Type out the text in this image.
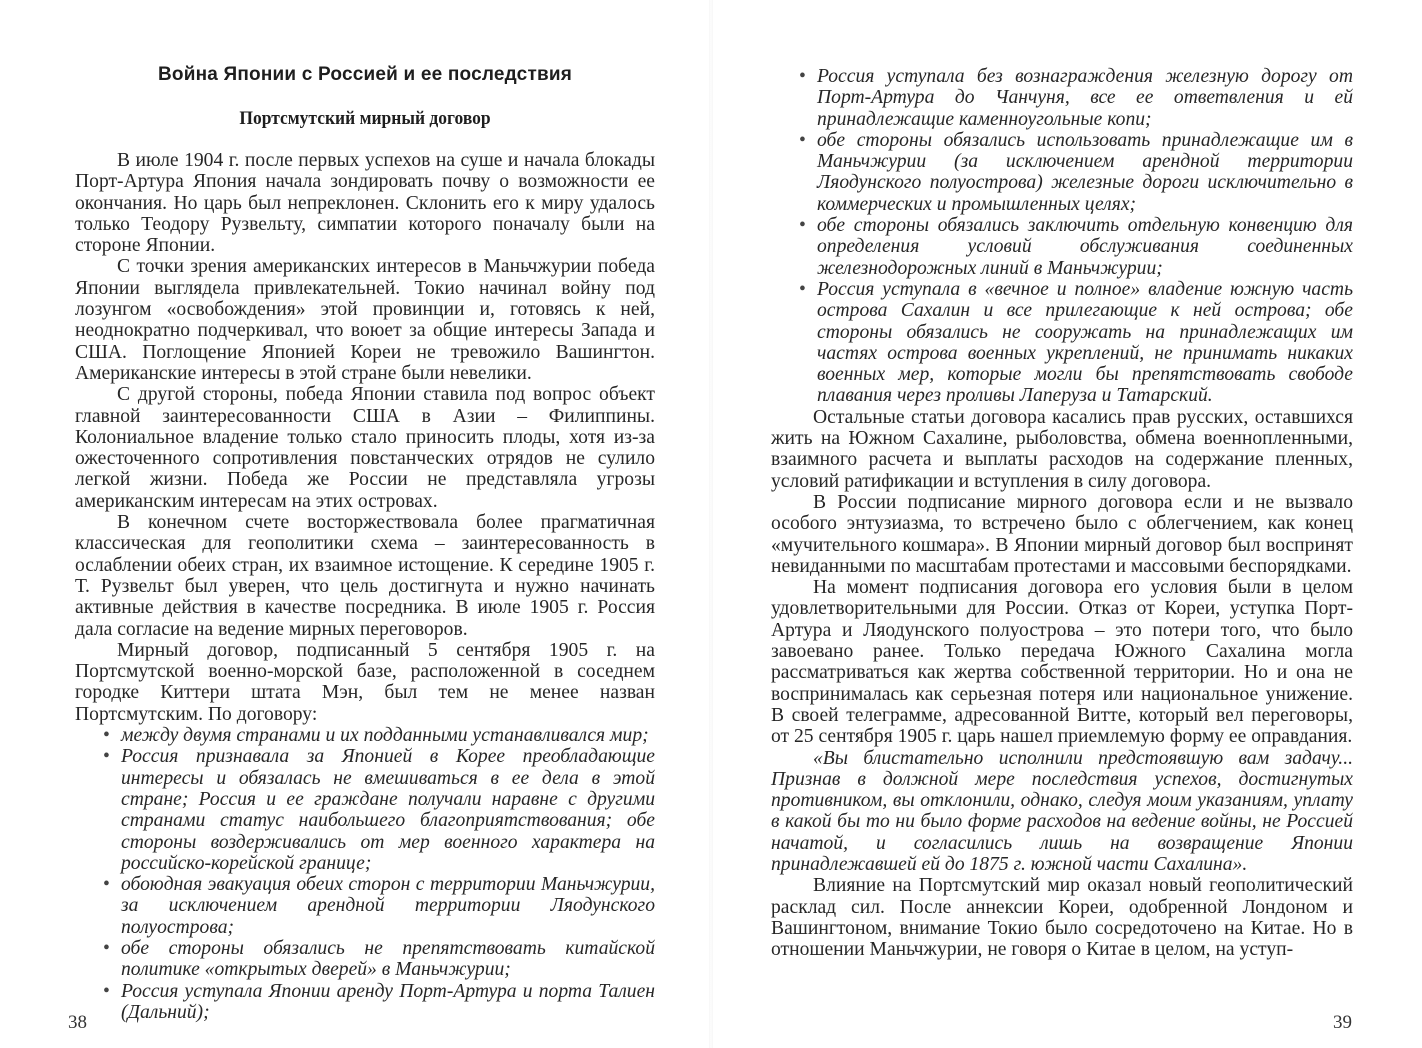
Война Японии с Россией и ее последствия
Портсмутский мирный договор

В июле 1904 г. после первых успехов на суше и начала блокады Порт-Артура Япония начала зондировать почву о возможности ее окончания. Но царь был непреклонен. Склонить его к миру удалось только Теодору Рузвельту, симпатии которого поначалу были на стороне Японии.

С точки зрения американских интересов в Маньчжурии победа Японии выглядела привлекательней. Токио начинал войну под лозунгом «освобождения» этой провинции и, готовясь к ней, неоднократно подчеркивал, что воюет за общие интересы Запада и США. Поглощение Японией Кореи не тревожило Вашингтон. Американские интересы в этой стране были невелики.

С другой стороны, победа Японии ставила под вопрос объект главной заинтересованности США в Азии – Филиппины. Колониальное владение только стало приносить плоды, хотя из-за ожесточенного сопротивления повстанческих отрядов не сулило легкой жизни. Победа же России не представляла угрозы американским интересам на этих островах.

В конечном счете восторжествовала более прагматичная классическая для геополитики схема – заинтересованность в ослаблении обеих стран, их взаимное истощение. К середине 1905 г. Т. Рузвельт был уверен, что цель достигнута и нужно начинать активные действия в качестве посредника. В июле 1905 г. Россия дала согласие на ведение мирных переговоров.

Мирный договор, подписанный 5 сентября 1905 г. на Портсмутской военно-морской базе, расположенной в соседнем городке Киттери штата Мэн, был тем не менее назван Портсмутским. По договору:

• между двумя странами и их подданными устанавливался мир;
• Россия признавала за Японией в Корее преобладающие интересы и обязалась не вмешиваться в ее дела в этой стране; Россия и ее граждане получали наравне с другими странами статус наибольшего благоприятствования; обе стороны воздерживались от мер военного характера на российско-корейской границе;
• обоюдная эвакуация обеих сторон с территории Маньчжурии, за исключением арендной территории Ляодунского полуострова;
• обе стороны обязались не препятствовать китайской политике «открытых дверей» в Маньчжурии;
• Россия уступала Японии аренду Порт-Артура и порта Талиен (Дальний);
38
• Россия уступала без вознаграждения железную дорогу от Порт-Артура до Чанчуня, все ее ответвления и ей принадлежащие каменноугольные копи;
• обе стороны обязались использовать принадлежащие им в Маньчжурии (за исключением арендной территории Ляодунского полуострова) железные дороги исключительно в коммерческих и промышленных целях;
• обе стороны обязались заключить отдельную конвенцию для определения условий обслуживания соединенных железнодорожных линий в Маньчжурии;
• Россия уступала в «вечное и полное» владение южную часть острова Сахалин и все прилегающие к ней острова; обе стороны обязались не сооружать на принадлежащих им частях острова военных укреплений, не принимать никаких военных мер, которые могли бы препятствовать свободе плавания через проливы Лаперуза и Татарский.

Остальные статьи договора касались прав русских, оставшихся жить на Южном Сахалине, рыболовства, обмена военнопленными, взаимного расчета и выплаты расходов на содержание пленных, условий ратификации и вступления в силу договора.

В России подписание мирного договора если и не вызвало особого энтузиазма, то встречено было с облегчением, как конец «мучительного кошмара». В Японии мирный договор был воспринят невиданными по масштабам протестами и массовыми беспорядками.

На момент подписания договора его условия были в целом удовлетворительными для России. Отказ от Кореи, уступка Порт-Артура и Ляодунского полуострова – это потери того, что было завоевано ранее. Только передача Южного Сахалина могла рассматриваться как жертва собственной территории. Но и она не воспринималась как серьезная потеря или национальное унижение. В своей телеграмме, адресованной Витте, который вел переговоры, от 25 сентября 1905 г. царь нашел приемлемую форму ее оправдания.

«Вы блистательно исполнили предстоявшую вам задачу... Признав в должной мере последствия успехов, достигнутых противником, вы отклонили, однако, следуя моим указаниям, уплату в какой бы то ни было форме расходов на ведение войны, не Россией начатой, и согласились лишь на возвращение Японии принадлежавшей ей до 1875 г. южной части Сахалина».

Влияние на Портсмутский мир оказал новый геополитический расклад сил. После аннексии Кореи, одобренной Лондоном и Вашингтоном, внимание Токио было сосредоточено на Китае. Но в отношении Маньчжурии, не говоря о Китае в целом, на уступ-

39
